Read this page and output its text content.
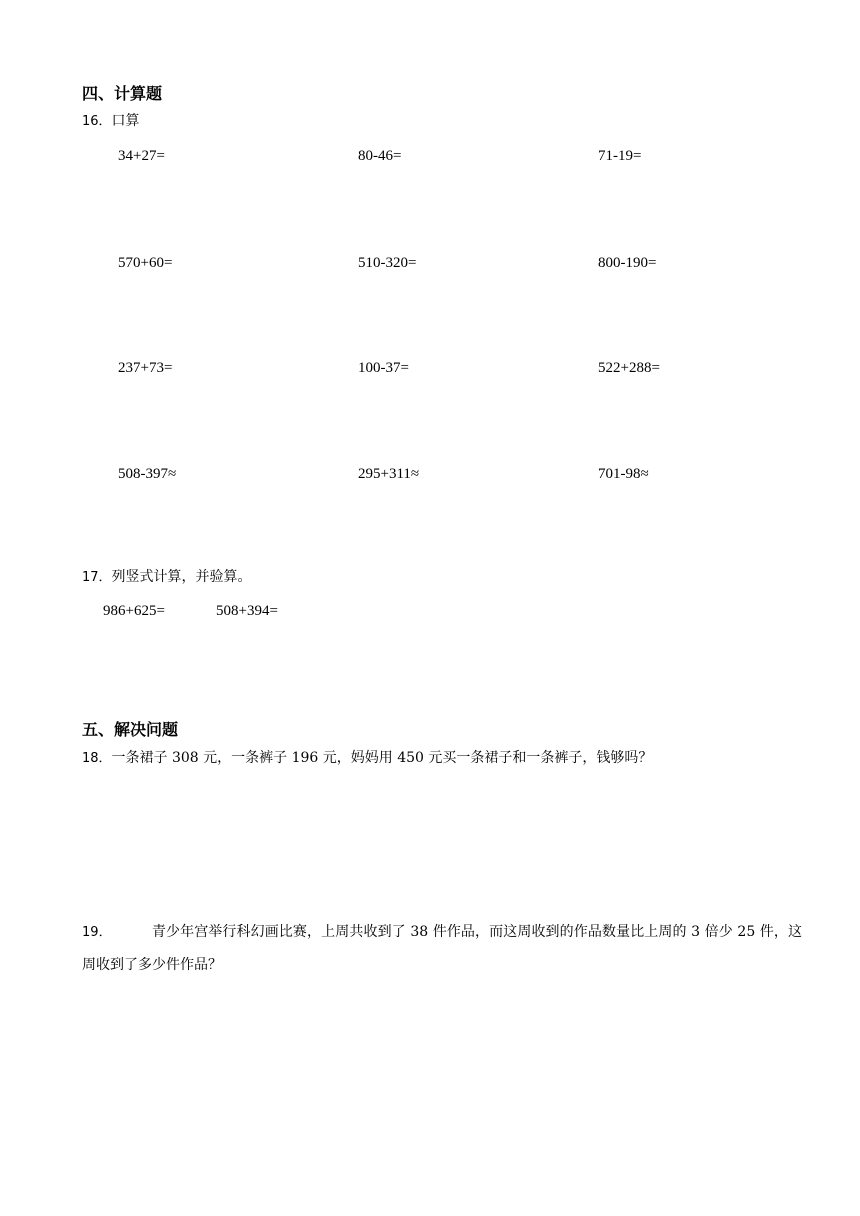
四、计算题
16．口算
34+27=	80-46=	71-19=
570+60=	510-320=	800-190=
237+73=	100-37=	522+288=
508-397≈	295+311≈	701-98≈
17．列竖式计算，并验算。
986+625=	508+394=
五、解决问题
18．一条裙子 308 元，一条裤子 196 元，妈妈用 450 元买一条裙子和一条裤子，钱够吗？
19．	青少年宫举行科幻画比赛，上周共收到了 38 件作品，而这周收到的作品数量比上周的 3 倍少 25 件，这周收到了多少件作品？
